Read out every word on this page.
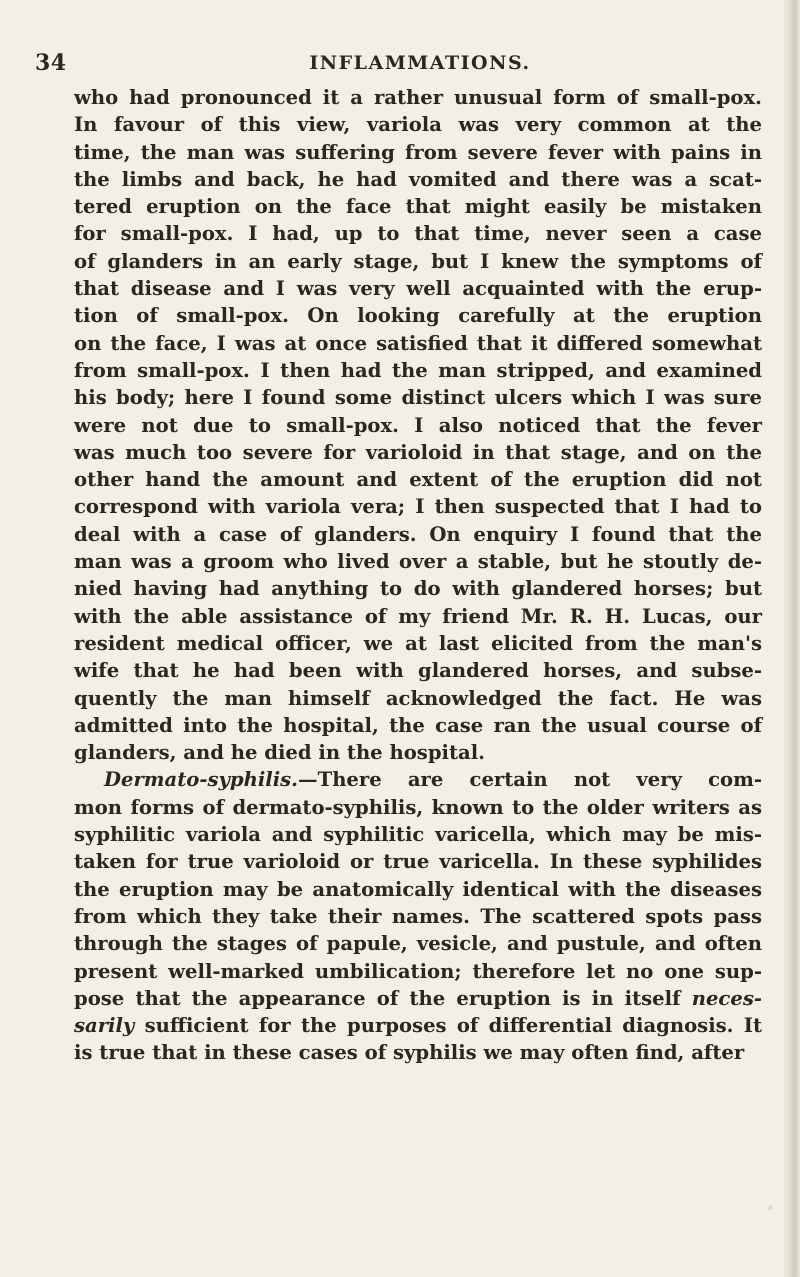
34	INFLAMMATIONS.
who had pronounced it a rather unusual form of small-pox.
In favour of this view, variola was very common at the
time, the man was suffering from severe fever with pains in
the limbs and back, he had vomited and there was a scat-
tered eruption on the face that might easily be mistaken
for small-pox. I had, up to that time, never seen a case
of glanders in an early stage, but I knew the symptoms of
that disease and I was very well acquainted with the erup-
tion of small-pox. On looking carefully at the eruption
on the face, I was at once satisfied that it differed somewhat
from small-pox. I then had the man stripped, and examined
his body; here I found some distinct ulcers which I was sure
were not due to small-pox. I also noticed that the fever
was much too severe for varioloid in that stage, and on the
other hand the amount and extent of the eruption did not
correspond with variola vera; I then suspected that I had to
deal with a case of glanders. On enquiry I found that the
man was a groom who lived over a stable, but he stoutly de-
nied having had anything to do with glandered horses; but
with the able assistance of my friend Mr. R. H. Lucas, our
resident medical officer, we at last elicited from the man's
wife that he had been with glandered horses, and subse-
quently the man himself acknowledged the fact. He was
admitted into the hospital, the case ran the usual course of
glanders, and he died in the hospital.
Dermato-syphilis.—There are certain not very com-
mon forms of dermato-syphilis, known to the older writers as
syphilitic variola and syphilitic varicella, which may be mis-
taken for true varioloid or true varicella. In these syphilides
the eruption may be anatomically identical with the diseases
from which they take their names. The scattered spots pass
through the stages of papule, vesicle, and pustule, and often
present well-marked umbilication; therefore let no one sup-
pose that the appearance of the eruption is in itself neces-
sarily sufficient for the purposes of differential diagnosis. It
is true that in these cases of syphilis we may often find, after
ᵓ
